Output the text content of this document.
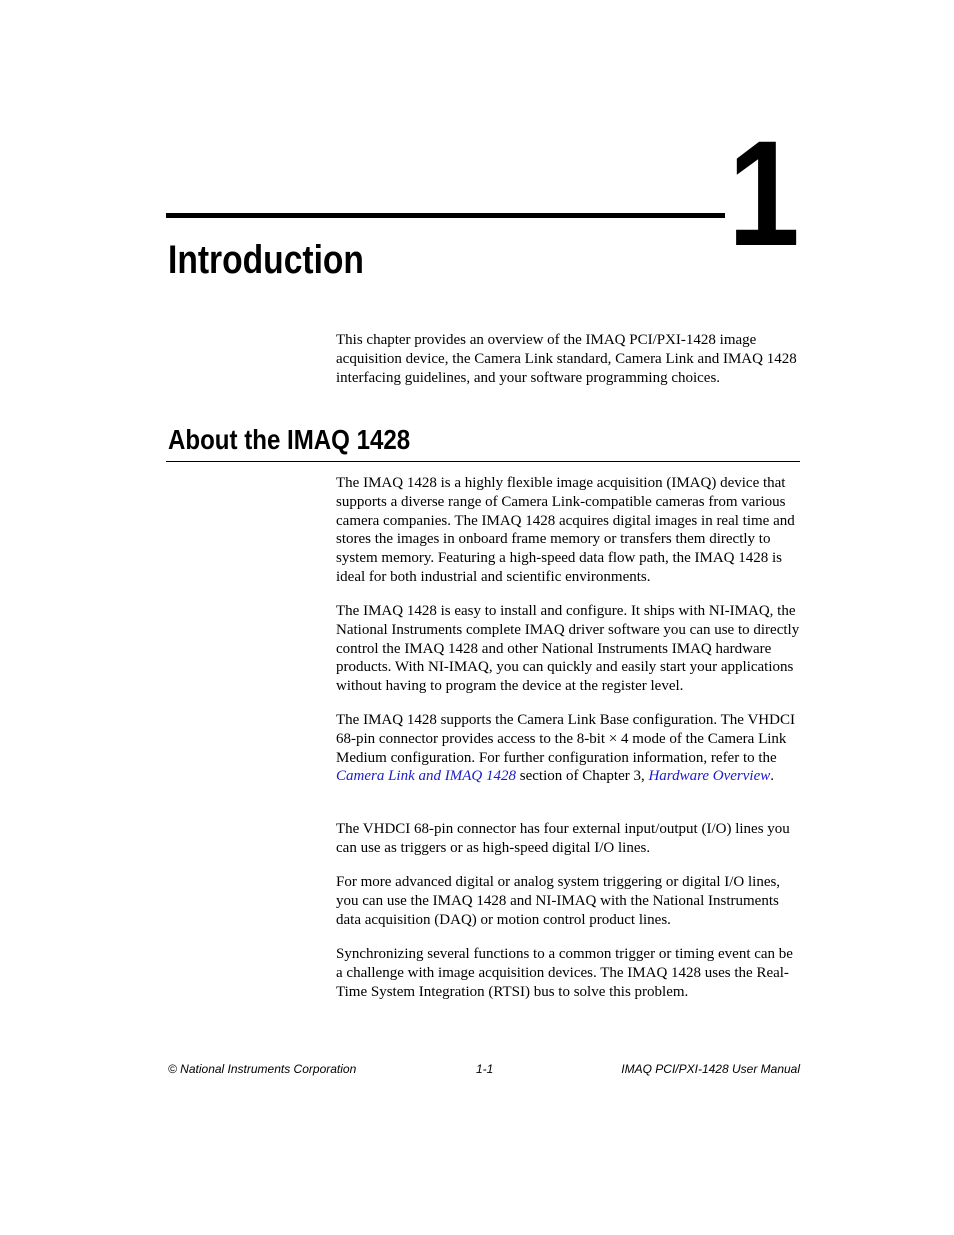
1
Introduction

This chapter provides an overview of the IMAQ PCI/PXI-1428 image acquisition device, the Camera Link standard, Camera Link and IMAQ 1428 interfacing guidelines, and your software programming choices.

About the IMAQ 1428

The IMAQ 1428 is a highly flexible image acquisition (IMAQ) device that supports a diverse range of Camera Link-compatible cameras from various camera companies. The IMAQ 1428 acquires digital images in real time and stores the images in onboard frame memory or transfers them directly to system memory. Featuring a high-speed data flow path, the IMAQ 1428 is ideal for both industrial and scientific environments.

The IMAQ 1428 is easy to install and configure. It ships with NI-IMAQ, the National Instruments complete IMAQ driver software you can use to directly control the IMAQ 1428 and other National Instruments IMAQ hardware products. With NI-IMAQ, you can quickly and easily start your applications without having to program the device at the register level.

The IMAQ 1428 supports the Camera Link Base configuration. The VHDCI 68-pin connector provides access to the 8-bit × 4 mode of the Camera Link Medium configuration. For further configuration information, refer to the Camera Link and IMAQ 1428 section of Chapter 3, Hardware Overview.

The VHDCI 68-pin connector has four external input/output (I/O) lines you can use as triggers or as high-speed digital I/O lines.

For more advanced digital or analog system triggering or digital I/O lines, you can use the IMAQ 1428 and NI-IMAQ with the National Instruments data acquisition (DAQ) or motion control product lines.

Synchronizing several functions to a common trigger or timing event can be a challenge with image acquisition devices. The IMAQ 1428 uses the Real-Time System Integration (RTSI) bus to solve this problem.

© National Instruments Corporation	1-1	IMAQ PCI/PXI-1428 User Manual
